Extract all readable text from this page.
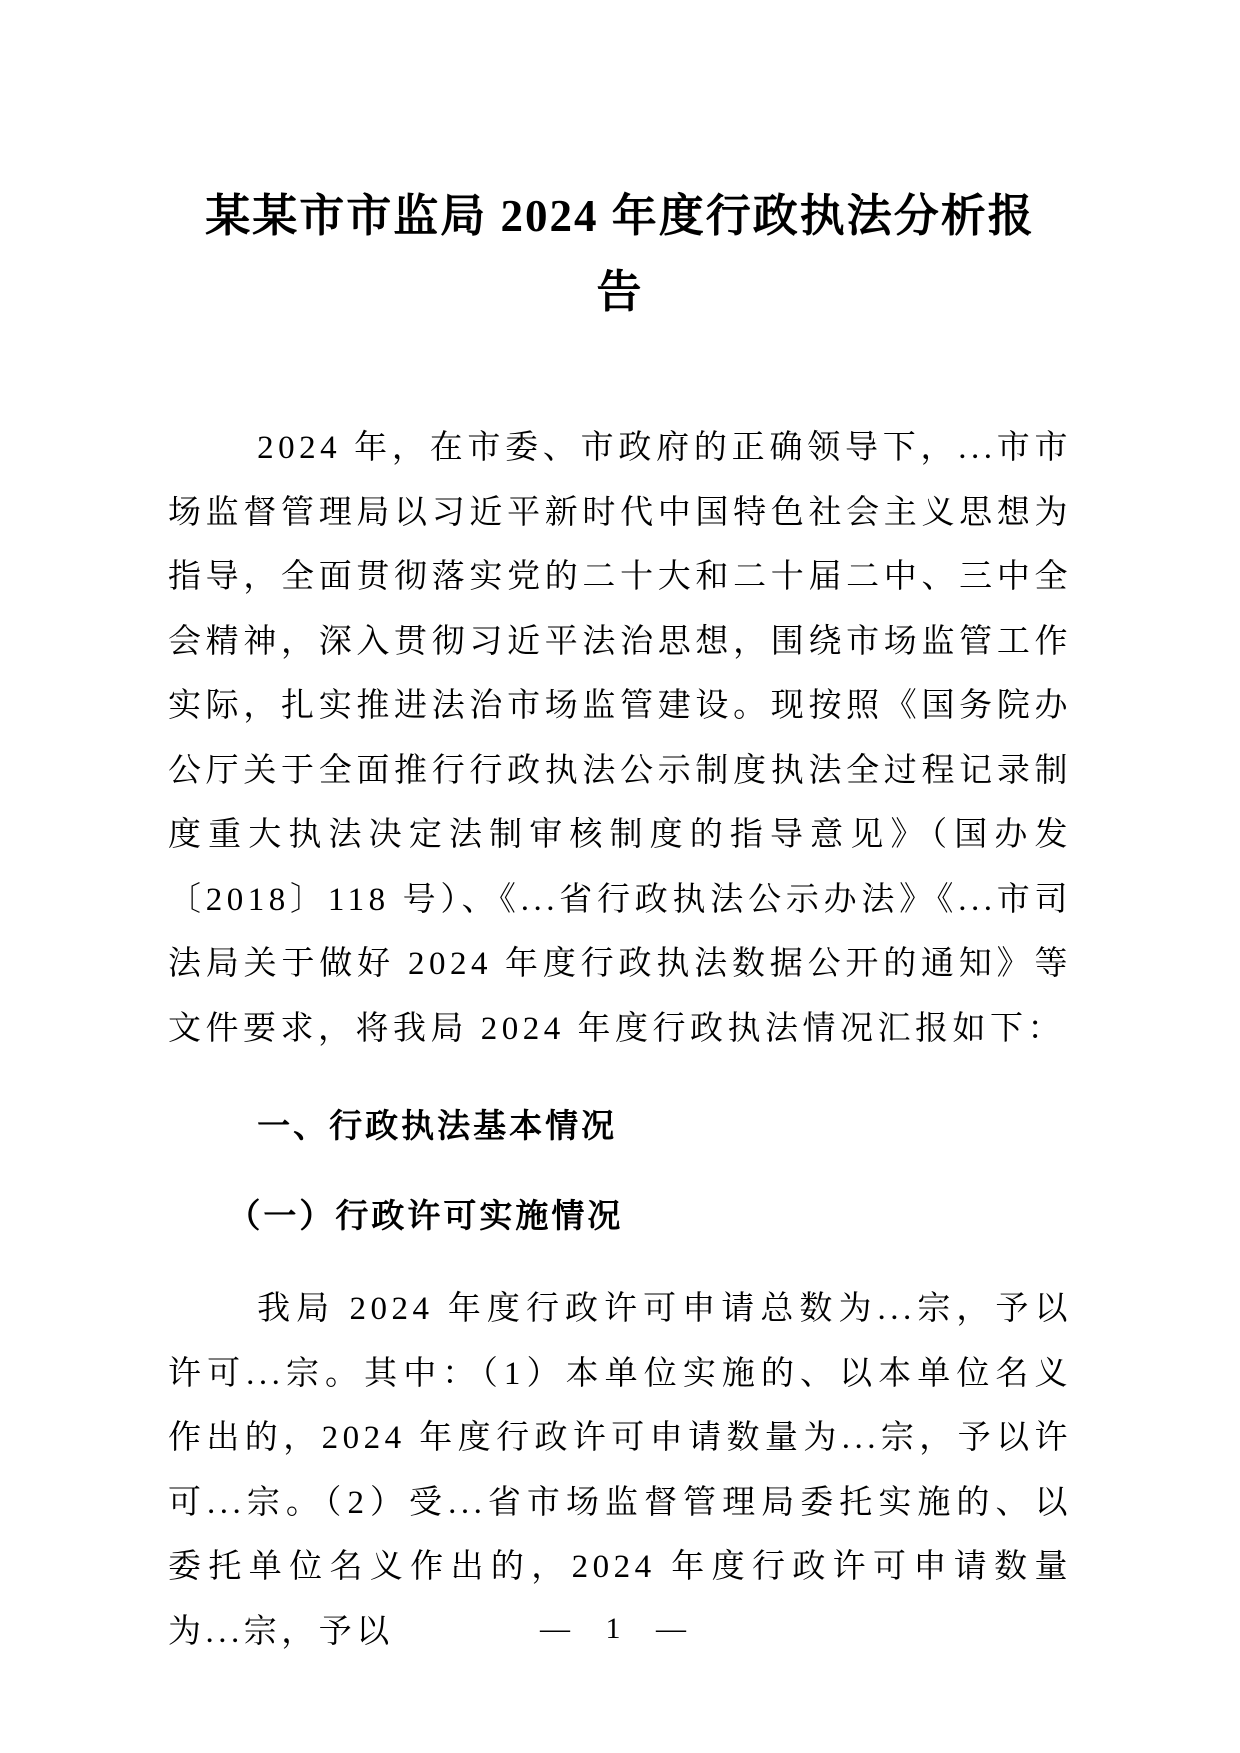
某某市市监局 2024 年度行政执法分析报告

2024 年，在市委、市政府的正确领导下，...市市场监督管理局以习近平新时代中国特色社会主义思想为指导，全面贯彻落实党的二十大和二十届二中、三中全会精神，深入贯彻习近平法治思想，围绕市场监管工作实际，扎实推进法治市场监管建设。现按照《国务院办公厅关于全面推行行政执法公示制度执法全过程记录制度重大执法决定法制审核制度的指导意见》（国办发〔2018〕118 号）、《...省行政执法公示办法》《...市司法局关于做好 2024 年度行政执法数据公开的通知》等文件要求，将我局 2024 年度行政执法情况汇报如下：

一、行政执法基本情况
（一）行政许可实施情况

我局 2024 年度行政许可申请总数为...宗，予以许可...宗。其中：（1）本单位实施的、以本单位名义作出的，2024 年度行政许可申请数量为...宗，予以许可...宗。（2）受...省市场监督管理局委托实施的、以委托单位名义作出的，2024 年度行政许可申请数量为...宗，予以	— 1 —
